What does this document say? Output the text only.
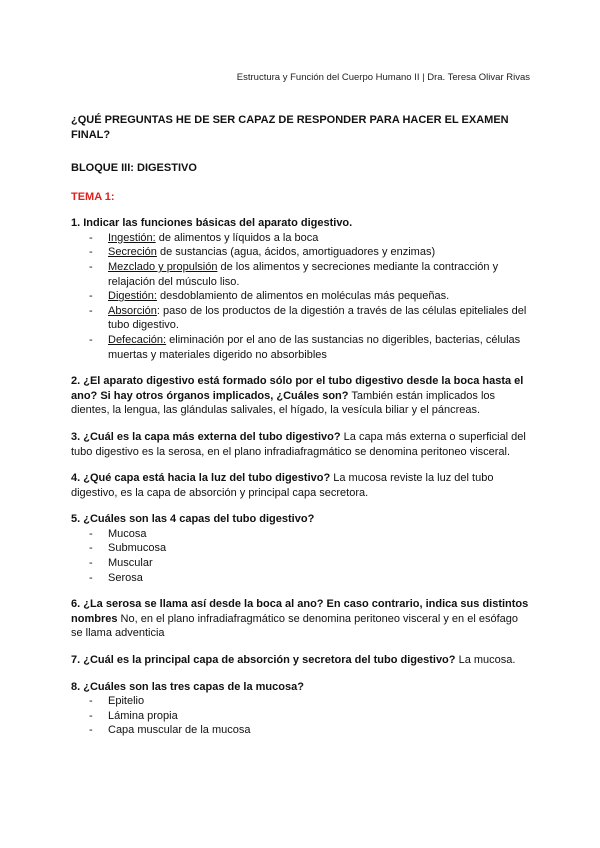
Estructura y Función del Cuerpo Humano II | Dra. Teresa Olivar Rivas

¿QUÉ PREGUNTAS HE DE SER CAPAZ DE RESPONDER PARA HACER EL EXAMEN FINAL?

BLOQUE III: DIGESTIVO

TEMA 1:

1. Indicar las funciones básicas del aparato digestivo.
- Ingestión: de alimentos y líquidos a la boca
- Secreción de sustancias (agua, ácidos, amortiguadores y enzimas)
- Mezclado y propulsión de los alimentos y secreciones mediante la contracción y relajación del músculo liso.
- Digestión: desdoblamiento de alimentos en moléculas más pequeñas.
- Absorción: paso de los productos de la digestión a través de las células epiteliales del tubo digestivo.
- Defecación: eliminación por el ano de las sustancias no digeribles, bacterias, células muertas y materiales digerido no absorbibles
2. ¿El aparato digestivo está formado sólo por el tubo digestivo desde la boca hasta el ano? Si hay otros órganos implicados, ¿Cuáles son? También están implicados los dientes, la lengua, las glándulas salivales, el hígado, la vesícula biliar y el páncreas.
3. ¿Cuál es la capa más externa del tubo digestivo? La capa más externa o superficial del tubo digestivo es la serosa, en el plano infradiafragmático se denomina peritoneo visceral.
4. ¿Qué capa está hacia la luz del tubo digestivo? La mucosa reviste la luz del tubo digestivo, es la capa de absorción y principal capa secretora.
5. ¿Cuáles son las 4 capas del tubo digestivo?
- Mucosa
- Submucosa
- Muscular
- Serosa
6. ¿La serosa se llama así desde la boca al ano? En caso contrario, indica sus distintos nombres No, en el plano infradiafragmático se denomina peritoneo visceral y en el esófago se llama adventicia
7. ¿Cuál es la principal capa de absorción y secretora del tubo digestivo? La mucosa.
8. ¿Cuáles son las tres capas de la mucosa?
- Epitelio
- Lámina propia
- Capa muscular de la mucosa
